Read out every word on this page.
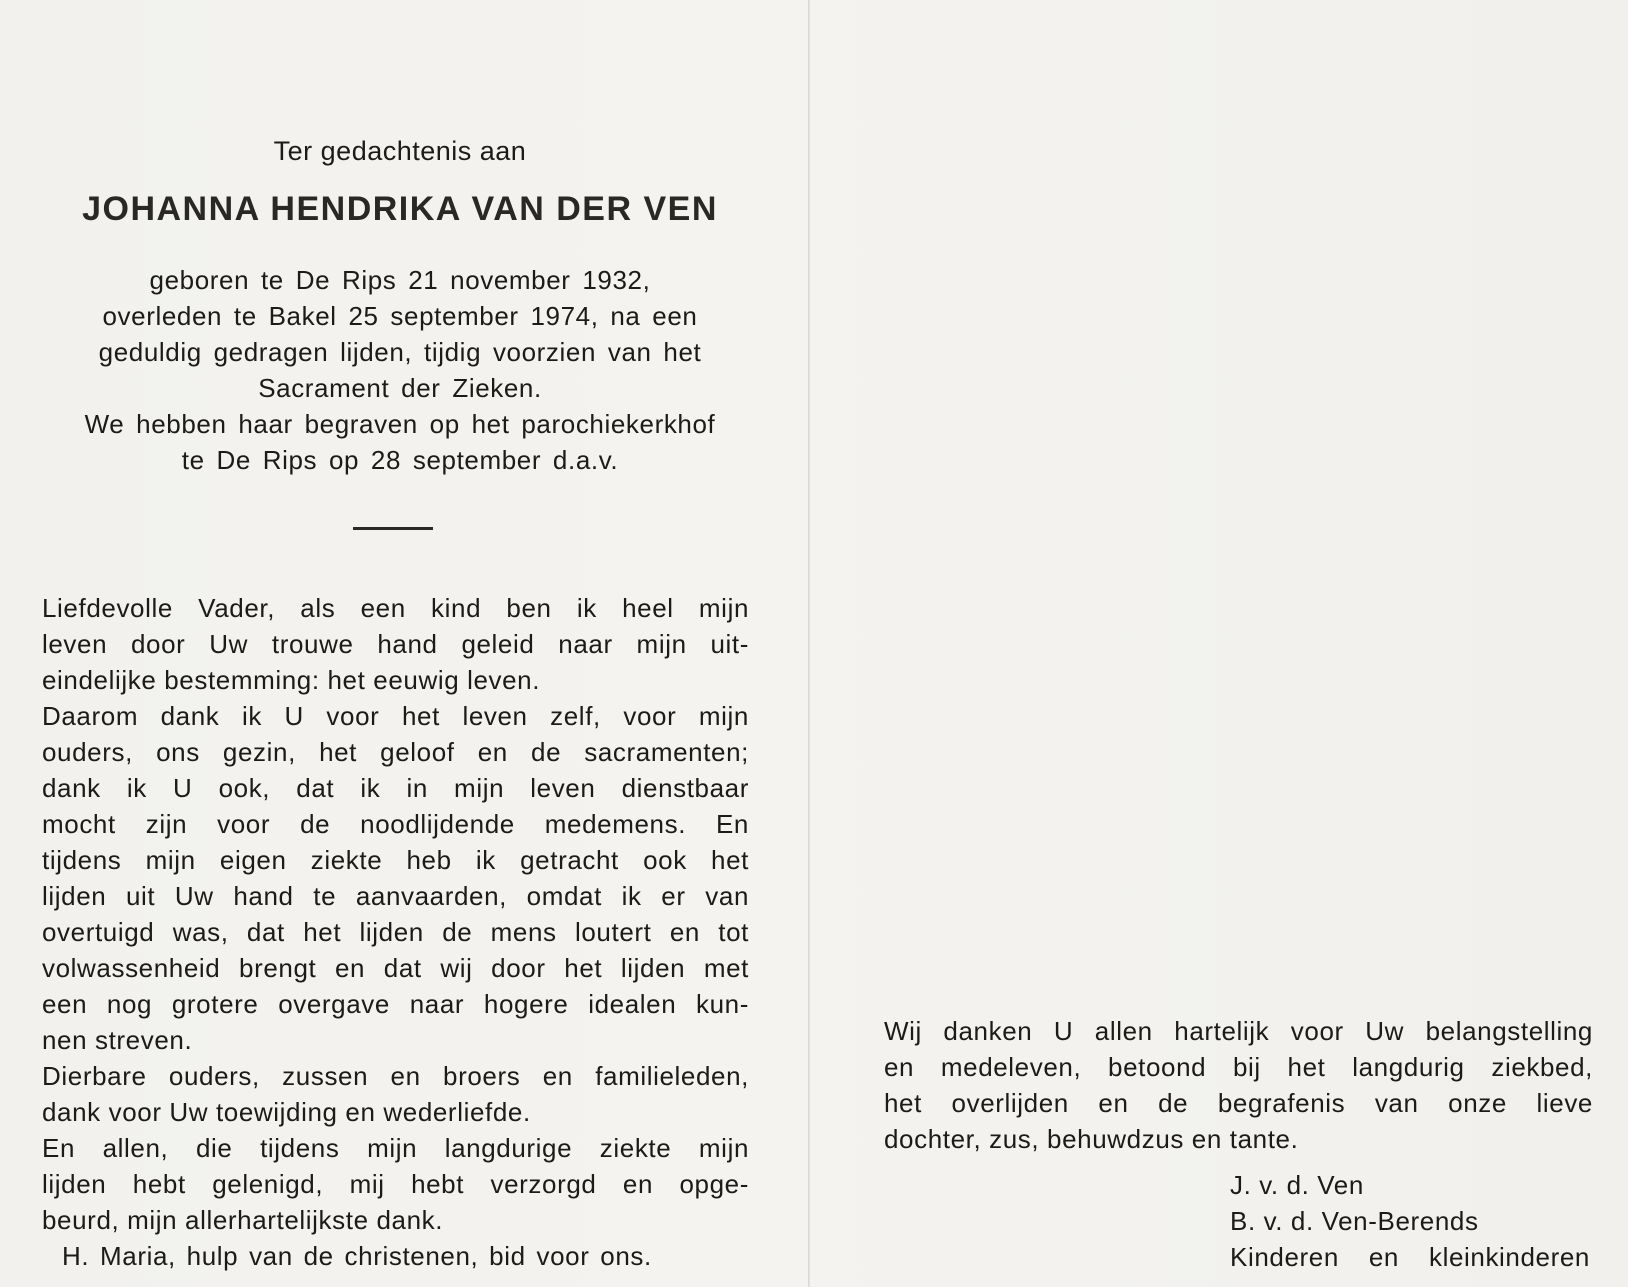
Ter gedachtenis aan
JOHANNA HENDRIKA VAN DER VEN
geboren te De Rips 21 november 1932,
overleden te Bakel 25 september 1974, na een
geduldig gedragen lijden, tijdig voorzien van het
Sacrament der Zieken.
We hebben haar begraven op het parochiekerkhof
te De Rips op 28 september d.a.v.
Liefdevolle Vader, als een kind ben ik heel mijn
leven door Uw trouwe hand geleid naar mijn uit-
eindelijke bestemming: het eeuwig leven.
Daarom dank ik U voor het leven zelf, voor mijn
ouders, ons gezin, het geloof en de sacramenten;
dank ik U ook, dat ik in mijn leven dienstbaar
mocht zijn voor de noodlijdende medemens. En
tijdens mijn eigen ziekte heb ik getracht ook het
lijden uit Uw hand te aanvaarden, omdat ik er van
overtuigd was, dat het lijden de mens loutert en tot
volwassenheid brengt en dat wij door het lijden met
een nog grotere overgave naar hogere idealen kun-
nen streven.
Dierbare ouders, zussen en broers en familieleden,
dank voor Uw toewijding en wederliefde.
En allen, die tijdens mijn langdurige ziekte mijn
lijden hebt gelenigd, mij hebt verzorgd en opge-
beurd, mijn allerhartelijkste dank.
H. Maria, hulp van de christenen, bid voor ons.
Wij danken U allen hartelijk voor Uw belangstelling
en medeleven, betoond bij het langdurig ziekbed,
het overlijden en de begrafenis van onze lieve
dochter, zus, behuwdzus en tante.
J. v. d. Ven
B. v. d. Ven-Berends
Kinderen en kleinkinderen
